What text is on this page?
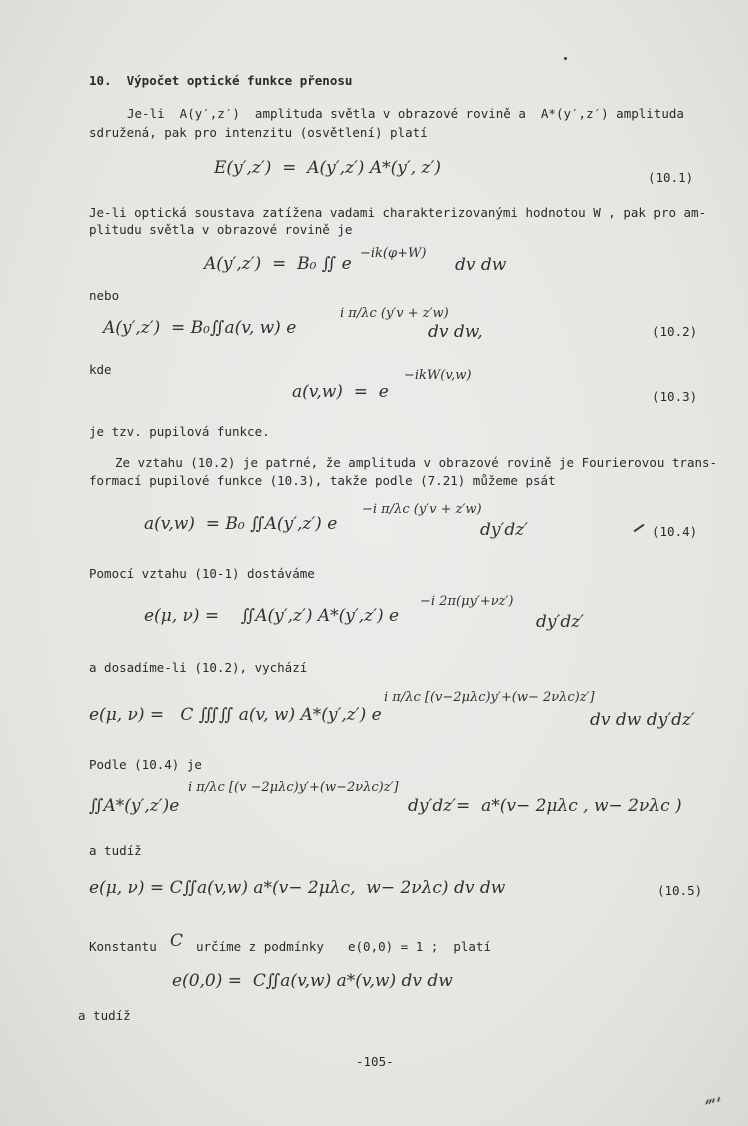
10.  Výpočet optické funkce přenosu
Je-li  A(y′,z′)  amplituda světla v obrazové rovině a  A*(y′,z′) amplituda
sdružená, pak pro intenzitu (osvětlení) platí
E(y′,z′)  =  A(y′,z′) A*(y′, z′)	(10.1)
Je-li optická soustava zatížena vadami charakterizovanými hodnotou W , pak pro am-
plitudu světla v obrazové rovině je
A(y′,z′)  =  B₀ ∬ e
−ik(φ+W)
dv dw
nebo
A(y′,z′)  = B₀∬a(v, w) e
i π/λc (y′v + z′w)
dv dw,	(10.2)
kde
a(v,w)  =  e
−ikW(v,w)
(10.3)
je tzv. pupilová funkce.
Ze vztahu (10.2) je patrné, že amplituda v obrazové rovině je Fourierovou trans-
formací pupilové funkce (10.3), takže podle (7.21) můžeme psát
a(v,w)  = B₀ ∬A(y′,z′) e
−i π/λc (y′v + z′w)
dy′dz′	(10.4)
Pomocí vztahu (10-1) dostáváme
e(μ, ν) =    ∬A(y′,z′) A*(y′,z′) e
−i 2π(μy′+νz′)
dy′dz′
a dosadíme-li (10.2), vychází
e(μ, ν) =   C ∭∬ a(v, w) A*(y′,z′) e
i π/λc [(v−2μλc)y′+(w− 2νλc)z′]
dv dw dy′dz′
Podle (10.4) je
∬A*(y′,z′)e
i π/λc [(v −2μλc)y′+(w−2νλc)z′]
dy′dz′=  a*(v− 2μλc , w− 2νλc )
a tudíž
e(μ, ν) = C∬a(v,w) a*(v− 2μλc,  w− 2νλc) dv dw	(10.5)
Konstantu C určíme z podmínky e(0,0) = 1 ;  platí
e(0,0) =  C∬a(v,w) a*(v,w) dv dw
a tudíž
-105-
𝓂𝓇
